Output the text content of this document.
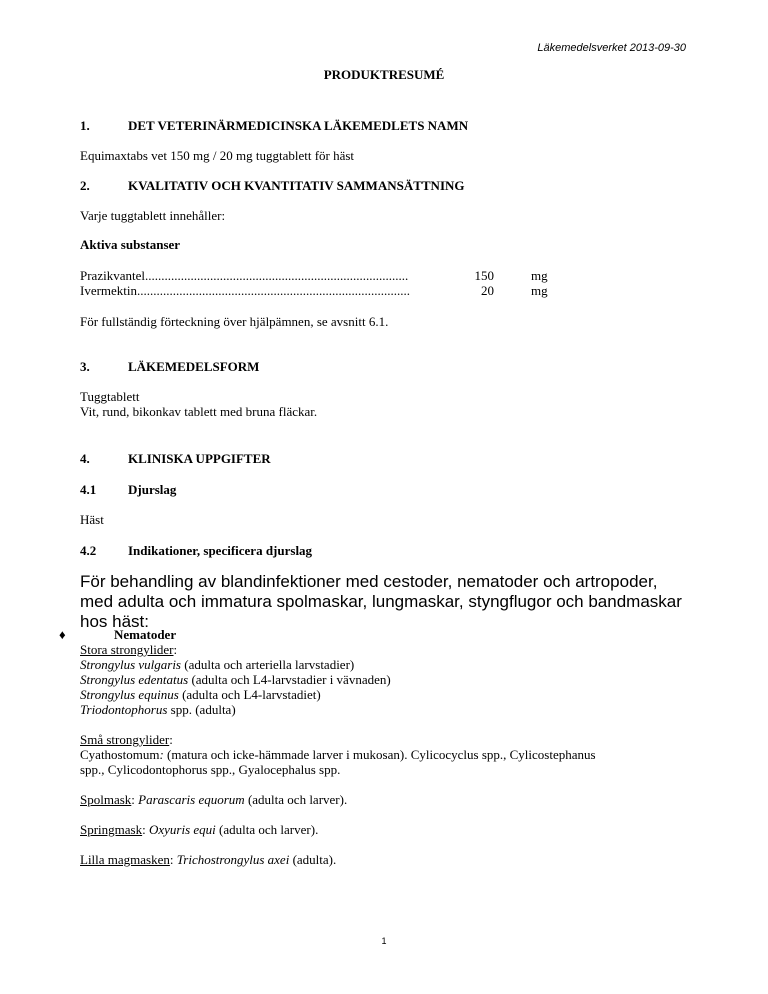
Läkemedelsverket 2013-09-30
PRODUKTRESUMÉ
1.	DET VETERINÄRMEDICINSKA LÄKEMEDLETS NAMN
Equimaxtabs vet 150 mg / 20 mg tuggtablett för häst
2.	KVALITATIV OCH KVANTITATIV SAMMANSÄTTNING
Varje tuggtablett innehåller:
Aktiva substanser
Prazikvantel.................................................................................	150	mg
Ivermektin....................................................................................	20	mg
För fullständig förteckning över hjälpämnen, se avsnitt 6.1.
3.	LÄKEMEDELSFORM
Tuggtablett
Vit, rund, bikonkav tablett med bruna fläckar.
4.	KLINISKA UPPGIFTER
4.1 Djurslag
Häst
4.2 Indikationer, specificera djurslag
För behandling av blandinfektioner med cestoder, nematoder och artropoder, med adulta och immatura spolmaskar, lungmaskar, styngflugor och bandmaskar hos häst:
♦	Nematoder
Stora strongylider:
Strongylus vulgaris (adulta och arteriella larvstadier)
Strongylus edentatus (adulta och L4-larvstadier i vävnaden)
Strongylus equinus (adulta och L4-larvstadiet)
Triodontophorus spp. (adulta)
Små strongylider:
Cyathostomum: (matura och icke-hämmade larver i mukosan). Cylicocyclus spp., Cylicostephanus
spp., Cylicodontophorus spp., Gyalocephalus spp.
Spolmask: Parascaris equorum (adulta och larver).
Springmask: Oxyuris equi (adulta och larver).
Lilla magmasken: Trichostrongylus axei (adulta).
1
